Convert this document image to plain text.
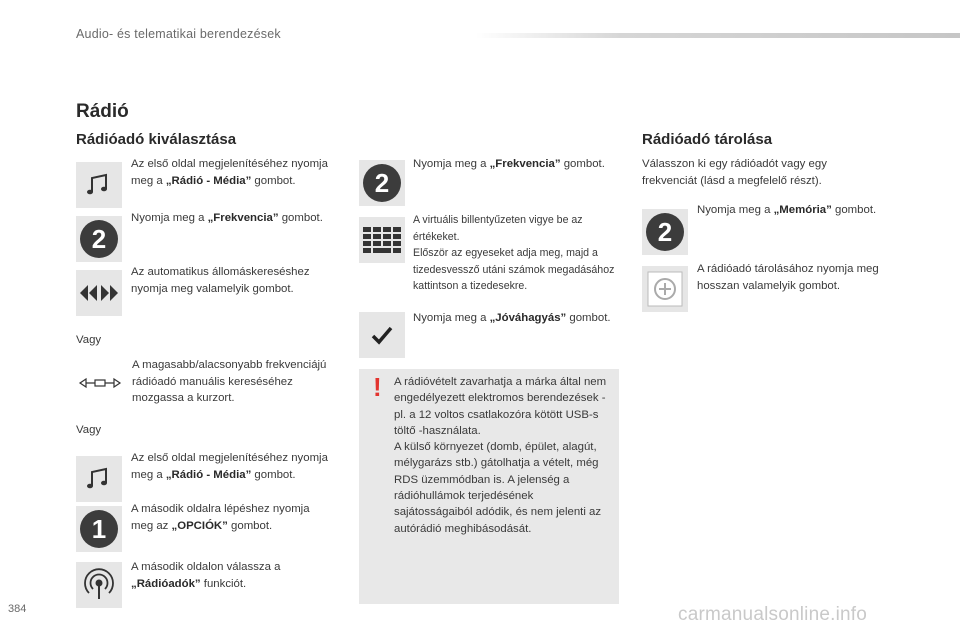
Audio- és telematikai berendezések
Rádió
Rádióadó kiválasztása
Az első oldal megjelenítéséhez nyomja meg a „Rádió - Média” gombot.
2
Nyomja meg a „Frekvencia” gombot.
Az automatikus állomáskereséshez nyomja meg valamelyik gombot.
Vagy
A magasabb/alacsonyabb frekvenciájú rádióadó manuális kereséséhez mozgassa a kurzort.
Vagy
Az első oldal megjelenítéséhez nyomja meg a „Rádió - Média” gombot.
1
A második oldalra lépéshez nyomja meg az „OPCIÓK” gombot.
A második oldalon válassza a „Rádióadók” funkciót.
2
Nyomja meg a „Frekvencia” gombot.
A virtuális billentyűzeten vigye be az értékeket.
Először az egyeseket adja meg, majd a tizedesvessző utáni számok megadásához kattintson a tizedesekre.
Nyomja meg a „Jóváhagyás” gombot.
! A rádióvételt zavarhatja a márka által nem engedélyezett elektromos berendezések - pl. a 12 voltos csatlakozóra kötött USB-s töltő -használata.
A külső környezet (domb, épület, alagút, mélygarázs stb.) gátolhatja a vételt, még RDS üzemmódban is. A jelenség a rádióhullámok terjedésének sajátosságaiból adódik, és nem jelenti az autórádió meghibásodását.
Rádióadó tárolása
Válasszon ki egy rádióadót vagy egy frekvenciát (lásd a megfelelő részt).
2
Nyomja meg a „Memória” gombot.
A rádióadó tárolásához nyomja meg hosszan valamelyik gombot.
384	carmanualsonline.info
